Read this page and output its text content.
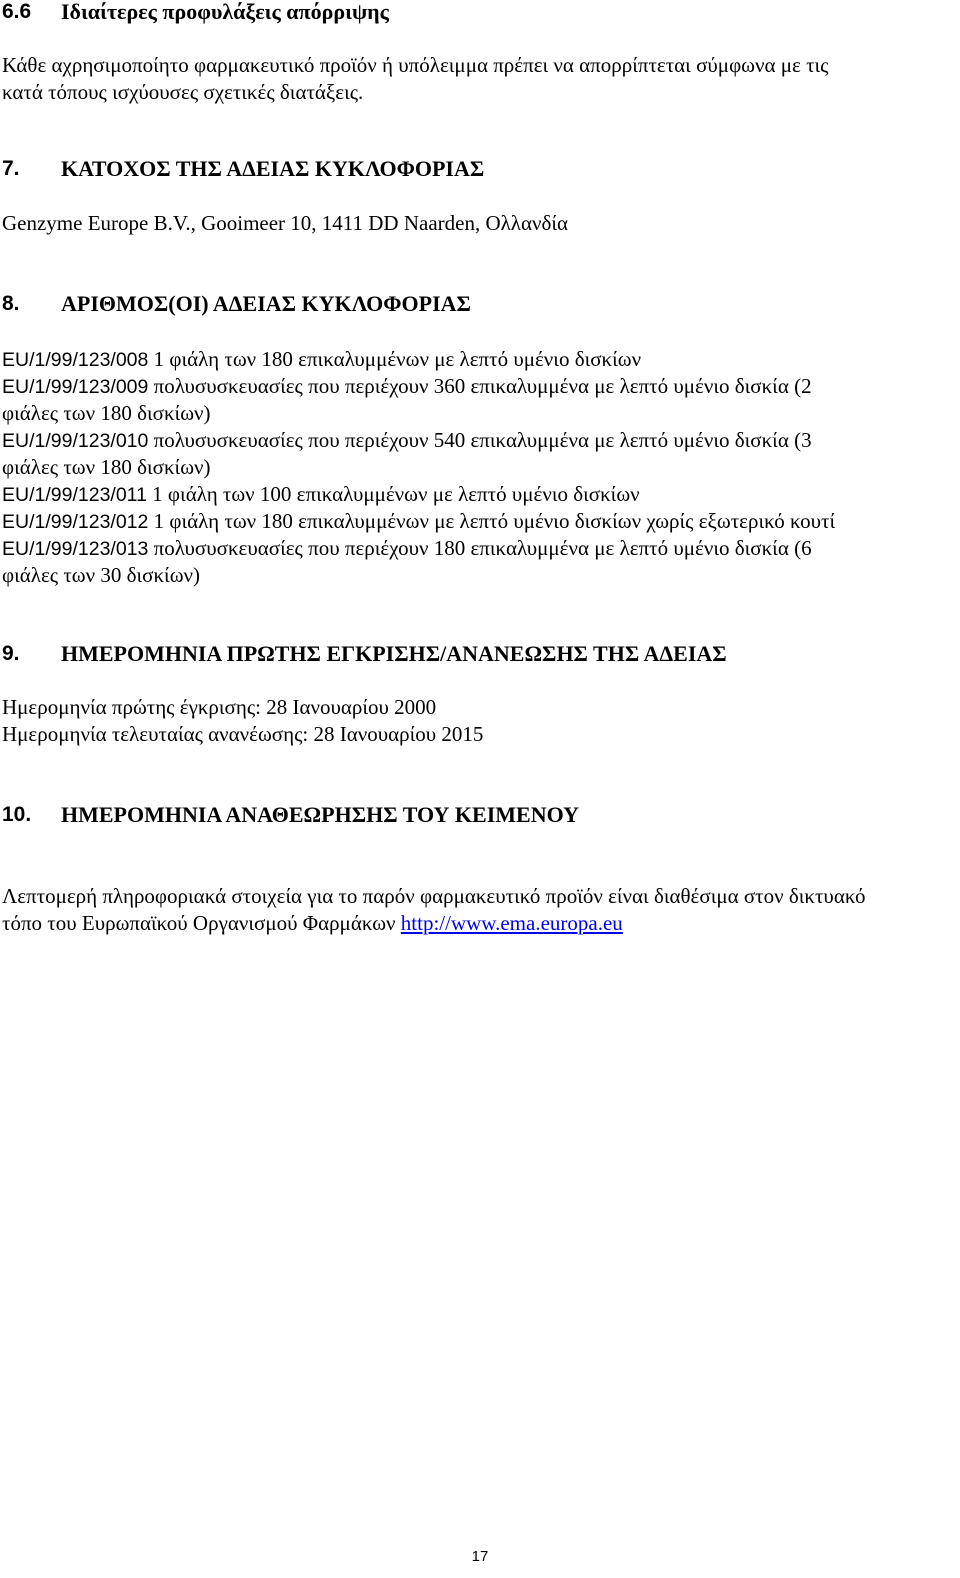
6.6 Ιδιαίτερες προφυλάξεις απόρριψης
Κάθε αχρησιμοποίητο φαρμακευτικό προϊόν ή υπόλειμμα πρέπει να απορρίπτεται σύμφωνα με τις
κατά τόπους ισχύουσες σχετικές διατάξεις.
7. ΚΑΤΟΧΟΣ ΤΗΣ ΑΔΕΙΑΣ ΚΥΚΛΟΦΟΡΙΑΣ
Genzyme Europe B.V., Gooimeer 10, 1411 DD Naarden, Ολλανδία
8. ΑΡΙΘΜΟΣ(ΟΙ) ΑΔΕΙΑΣ ΚΥΚΛΟΦΟΡΙΑΣ
EU/1/99/123/008 1 φιάλη των 180 επικαλυμμένων με λεπτό υμένιο δισκίων
EU/1/99/123/009 πολυσυσκευασίες που περιέχουν 360 επικαλυμμένα με λεπτό υμένιο δισκία (2
φιάλες των 180 δισκίων)
EU/1/99/123/010 πολυσυσκευασίες που περιέχουν 540 επικαλυμμένα με λεπτό υμένιο δισκία (3
φιάλες των 180 δισκίων)
EU/1/99/123/011 1 φιάλη των 100 επικαλυμμένων με λεπτό υμένιο δισκίων
EU/1/99/123/012 1 φιάλη των 180 επικαλυμμένων με λεπτό υμένιο δισκίων χωρίς εξωτερικό κουτί
EU/1/99/123/013 πολυσυσκευασίες που περιέχουν 180 επικαλυμμένα με λεπτό υμένιο δισκία (6
φιάλες των 30 δισκίων)
9. ΗΜΕΡΟΜΗΝΙΑ ΠΡΩΤΗΣ ΕΓΚΡΙΣΗΣ/ΑΝΑΝΕΩΣΗΣ ΤΗΣ ΑΔΕΙΑΣ
Ημερομηνία πρώτης έγκρισης: 28 Ιανουαρίου 2000
Ημερομηνία τελευταίας ανανέωσης: 28 Ιανουαρίου 2015
10. ΗΜΕΡΟΜΗΝΙΑ ΑΝΑΘΕΩΡΗΣΗΣ ΤΟΥ ΚΕΙΜΕΝΟΥ
Λεπτομερή πληροφοριακά στοιχεία για το παρόν φαρμακευτικό προϊόν είναι διαθέσιμα στον δικτυακό
τόπο του Ευρωπαϊκού Οργανισμού Φαρμάκων http://www.ema.europa.eu
17
